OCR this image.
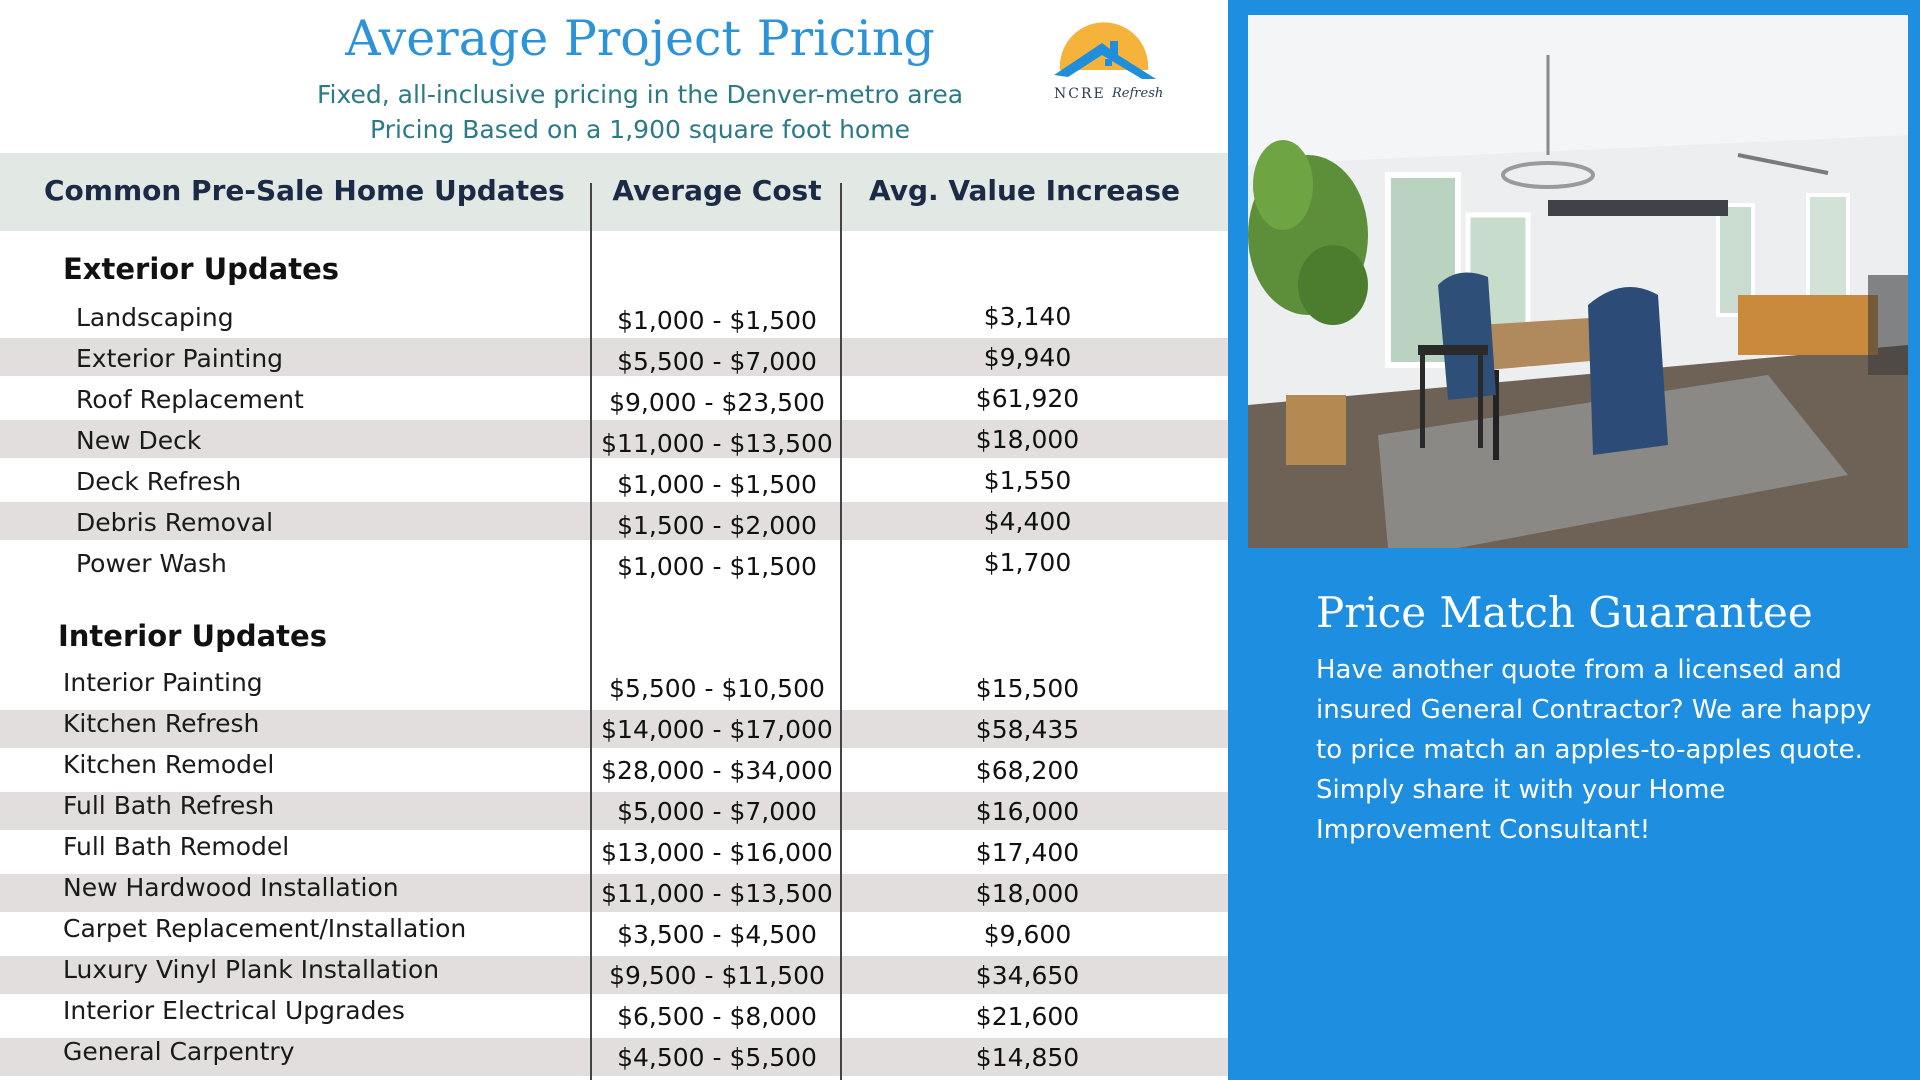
Average Project Pricing
Fixed, all-inclusive pricing in the Denver-metro area
Pricing Based on a 1,900 square foot home
NCRE Refresh
Common Pre-Sale Home Updates	Average Cost	Avg. Value Increase
Exterior Updates
Landscaping	$1,000 - $1,500	$3,140
Exterior Painting	$5,500 - $7,000	$9,940
Roof Replacement	$9,000 - $23,500	$61,920
New Deck	$11,000 - $13,500	$18,000
Deck Refresh	$1,000 - $1,500	$1,550
Debris Removal	$1,500 - $2,000	$4,400
Power Wash	$1,000 - $1,500	$1,700
Interior Updates
Interior Painting	$5,500 - $10,500	$15,500
Kitchen Refresh	$14,000 - $17,000	$58,435
Kitchen Remodel	$28,000 - $34,000	$68,200
Full Bath Refresh	$5,000 - $7,000	$16,000
Full Bath Remodel	$13,000 - $16,000	$17,400
New Hardwood Installation	$11,000 - $13,500	$18,000
Carpet Replacement/Installation	$3,500 - $4,500	$9,600
Luxury Vinyl Plank Installation	$9,500 - $11,500	$34,650
Interior Electrical Upgrades	$6,500 - $8,000	$21,600
General Carpentry	$4,500 - $5,500	$14,850
Price Match Guarantee
Have another quote from a licensed and insured General Contractor? We are happy to price match an apples-to-apples quote. Simply share it with your Home Improvement Consultant!
